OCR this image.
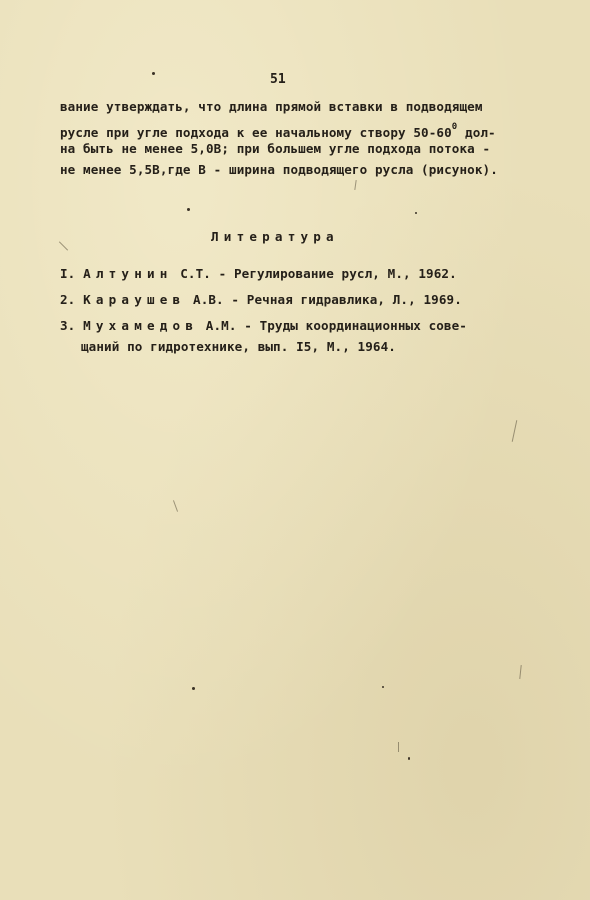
51
вание утверждать, что длина прямой вставки в подводящем
русле при угле подхода к ее начальному створу $50-60^0$ дол-
на быть не менее 5,0В; при большем угле подхода потока -
не менее 5,5В,где В - ширина подводящего русла (рисунок).
Литература
I. Алтунин С.Т. - Регулирование русл, М., 1962.
2. Караушев А.В. - Речная гидравлика, Л., 1969.
3. Мухамедов А.М. - Труды координационных сове-
щаний по гидротехнике, вып. I5, М., 1964.
